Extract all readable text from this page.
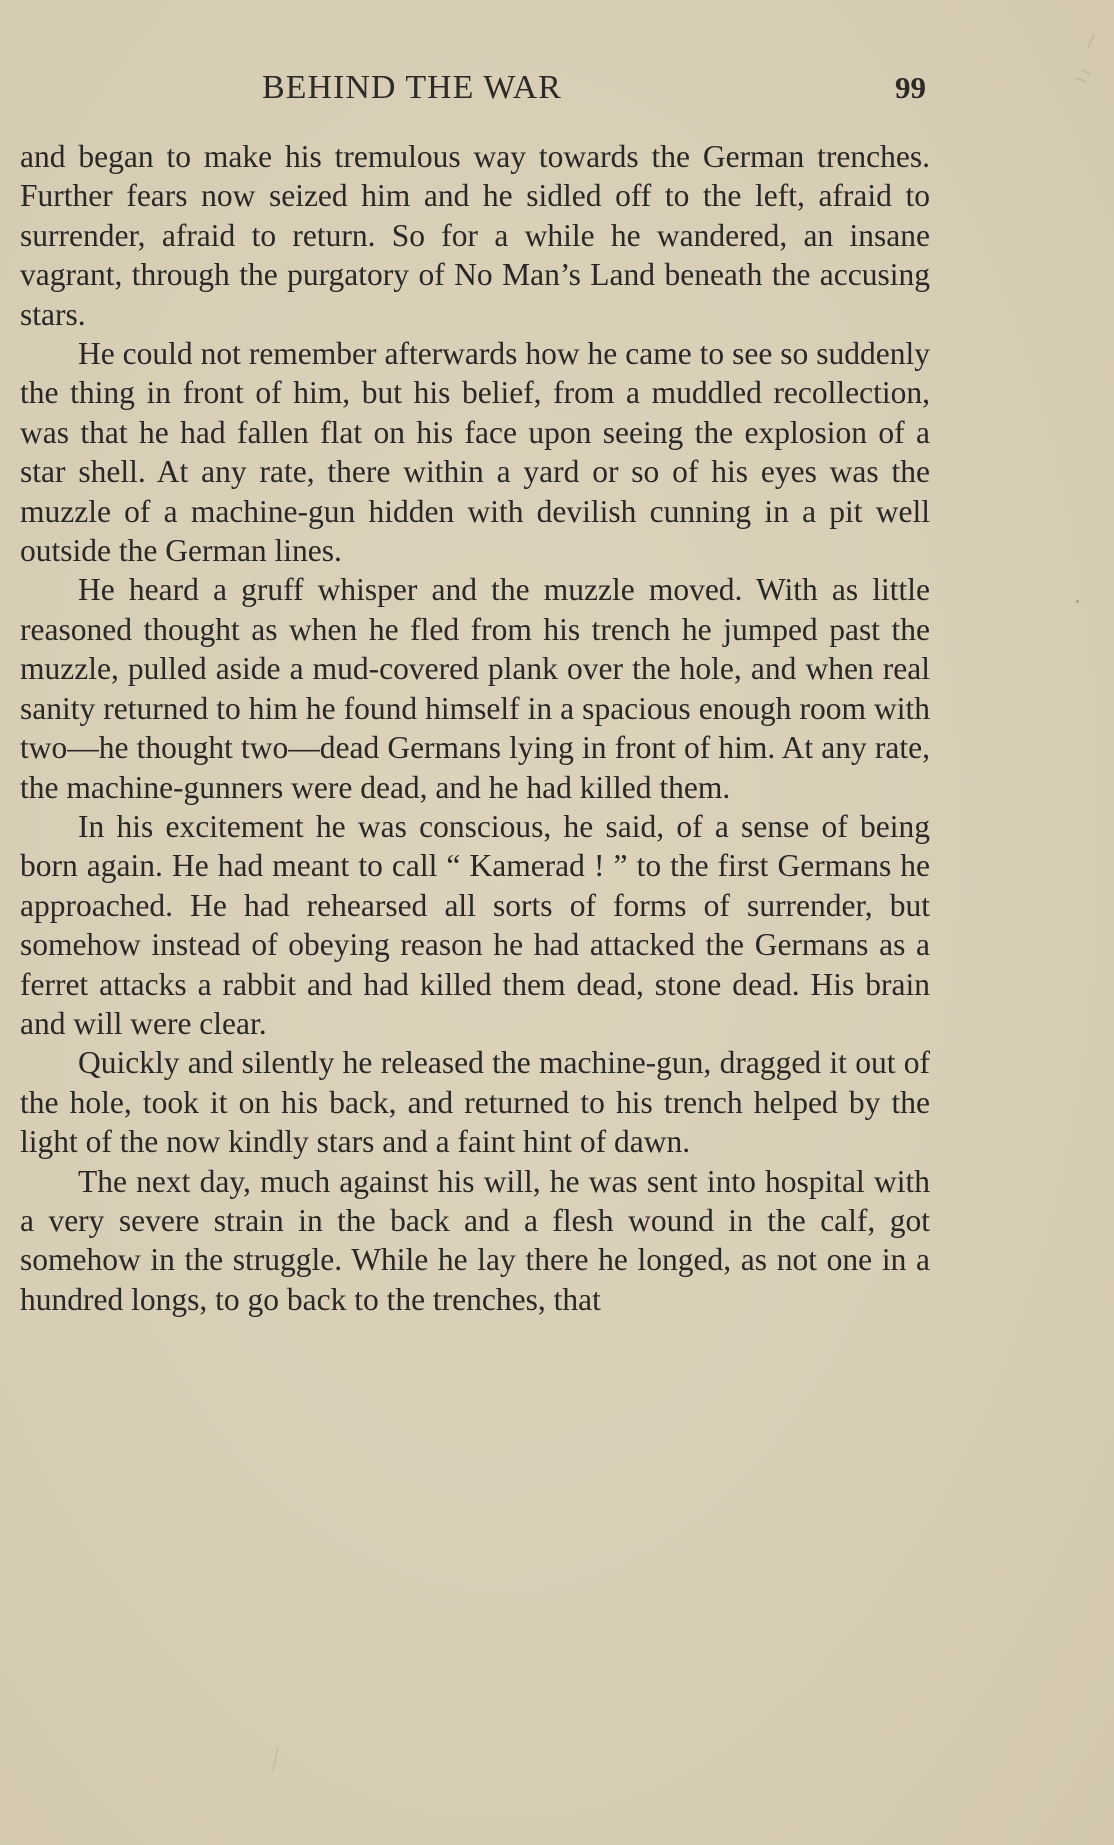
BEHIND THE WAR	99

and began to make his tremulous way towards the German trenches. Further fears now seized him and he sidled off to the left, afraid to surrender, afraid to return. So for a while he wandered, an insane vagrant, through the purgatory of No Man’s Land beneath the accusing stars.

He could not remember afterwards how he came to see so suddenly the thing in front of him, but his belief, from a muddled recollection, was that he had fallen flat on his face upon seeing the explosion of a star shell. At any rate, there within a yard or so of his eyes was the muzzle of a machine-gun hidden with devilish cunning in a pit well outside the German lines.

He heard a gruff whisper and the muzzle moved. With as little reasoned thought as when he fled from his trench he jumped past the muzzle, pulled aside a mud-covered plank over the hole, and when real sanity returned to him he found himself in a spacious enough room with two—he thought two—dead Germans lying in front of him. At any rate, the machine-gunners were dead, and he had killed them.

In his excitement he was conscious, he said, of a sense of being born again. He had meant to call “ Kamerad ! ” to the first Germans he approached. He had rehearsed all sorts of forms of surrender, but somehow instead of obeying reason he had attacked the Germans as a ferret attacks a rabbit and had killed them dead, stone dead. His brain and will were clear.

Quickly and silently he released the machine-gun, dragged it out of the hole, took it on his back, and returned to his trench helped by the light of the now kindly stars and a faint hint of dawn.

The next day, much against his will, he was sent into hospital with a very severe strain in the back and a flesh wound in the calf, got somehow in the struggle. While he lay there he longed, as not one in a hundred longs, to go back to the trenches, that
